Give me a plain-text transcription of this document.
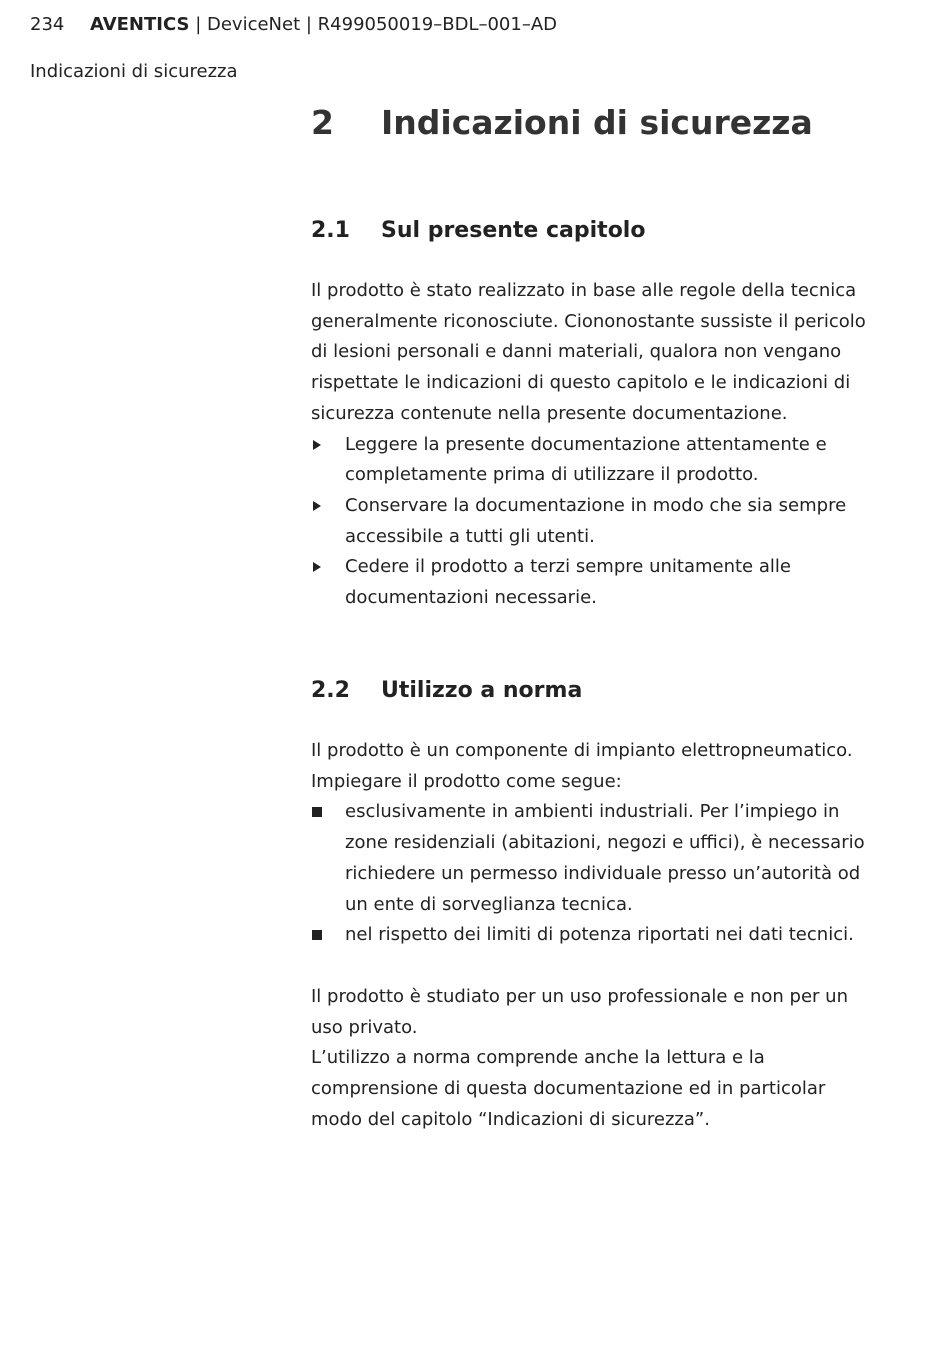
234 AVENTICS | DeviceNet | R499050019–BDL–001–AD
Indicazioni di sicurezza
2 Indicazioni di sicurezza
2.1 Sul presente capitolo

Il prodotto è stato realizzato in base alle regole della tecnica generalmente riconosciute. Ciononostante sussiste il pericolo di lesioni personali e danni materiali, qualora non vengano rispettate le indicazioni di questo capitolo e le indicazioni di sicurezza contenute nella presente documentazione.

Leggere la presente documentazione attentamente e completamente prima di utilizzare il prodotto.
Conservare la documentazione in modo che sia sempre accessibile a tutti gli utenti.
Cedere il prodotto a terzi sempre unitamente alle documentazioni necessarie.
2.2 Utilizzo a norma

Il prodotto è un componente di impianto elettropneumatico.

Impiegare il prodotto come segue:

esclusivamente in ambienti industriali. Per l’impiego in zone residenziali (abitazioni, negozi e uffici), è necessario richiedere un permesso individuale presso un’autorità od un ente di sorveglianza tecnica.
nel rispetto dei limiti di potenza riportati nei dati tecnici.

Il prodotto è studiato per un uso professionale e non per un uso privato.

L’utilizzo a norma comprende anche la lettura e la comprensione di questa documentazione ed in particolar modo del capitolo “Indicazioni di sicurezza”.
